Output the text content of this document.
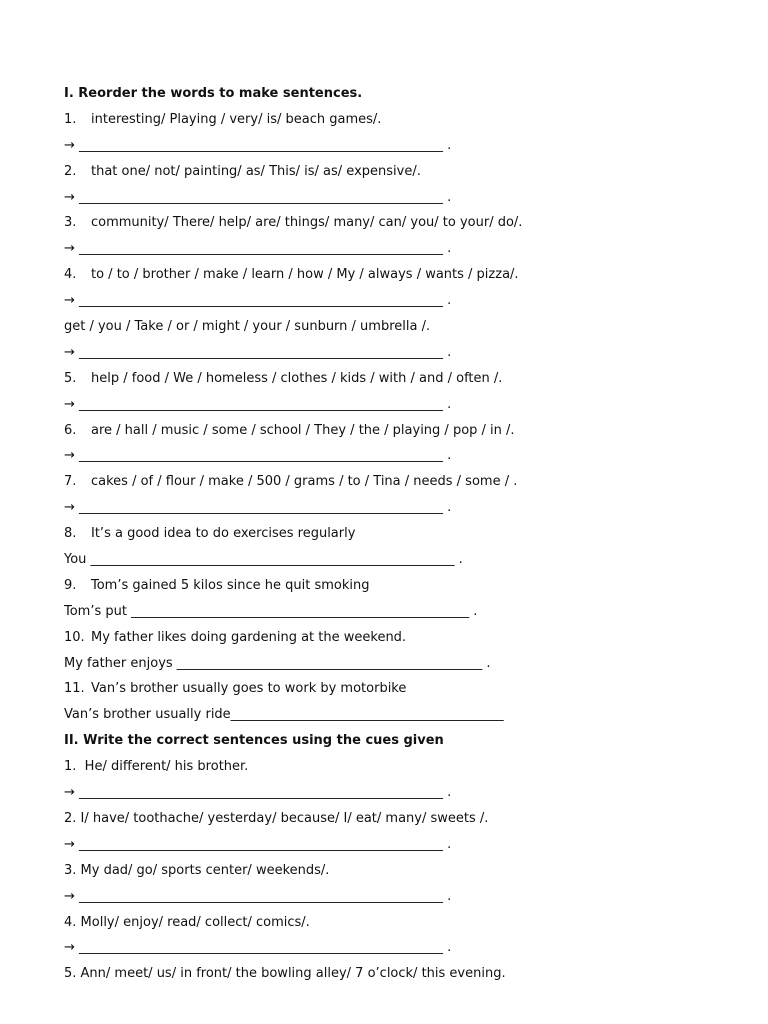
I. Reorder the words to make sentences.
1. interesting/ Playing / very/ is/ beach games/.
→ ________________________________________________________ .
2. that one/ not/ painting/ as/ This/ is/ as/ expensive/.
→ ________________________________________________________ .
3. community/ There/ help/ are/ things/ many/ can/ you/ to your/ do/.
→ ________________________________________________________ .
4. to / to / brother / make / learn / how / My / always / wants / pizza/.
→ ________________________________________________________ .
get / you / Take / or / might / your / sunburn / umbrella /.
→ ________________________________________________________ .
5. help / food / We / homeless / clothes / kids / with / and / often /.
→ ________________________________________________________ .
6. are / hall / music / some / school / They / the / playing / pop / in /.
→ ________________________________________________________ .
7. cakes / of / flour / make / 500 / grams / to / Tina / needs / some / .
→ ________________________________________________________ .
8. It’s a good idea to do exercises regularly
You ________________________________________________________ .
9. Tom’s gained 5 kilos since he quit smoking
Tom’s put ____________________________________________________ .
10. My father likes doing gardening at the weekend.
My father enjoys _______________________________________________ .
11. Van’s brother usually goes to work by motorbike
Van’s brother usually ride__________________________________________
II. Write the correct sentences using the cues given
1.  He/ different/ his brother.
→ ________________________________________________________ .
2. I/ have/ toothache/ yesterday/ because/ I/ eat/ many/ sweets /.
→ ________________________________________________________ .
3. My dad/ go/ sports center/ weekends/.
→ ________________________________________________________ .
4. Molly/ enjoy/ read/ collect/ comics/.
→ ________________________________________________________ .
5. Ann/ meet/ us/ in front/ the bowling alley/ 7 o’clock/ this evening.
